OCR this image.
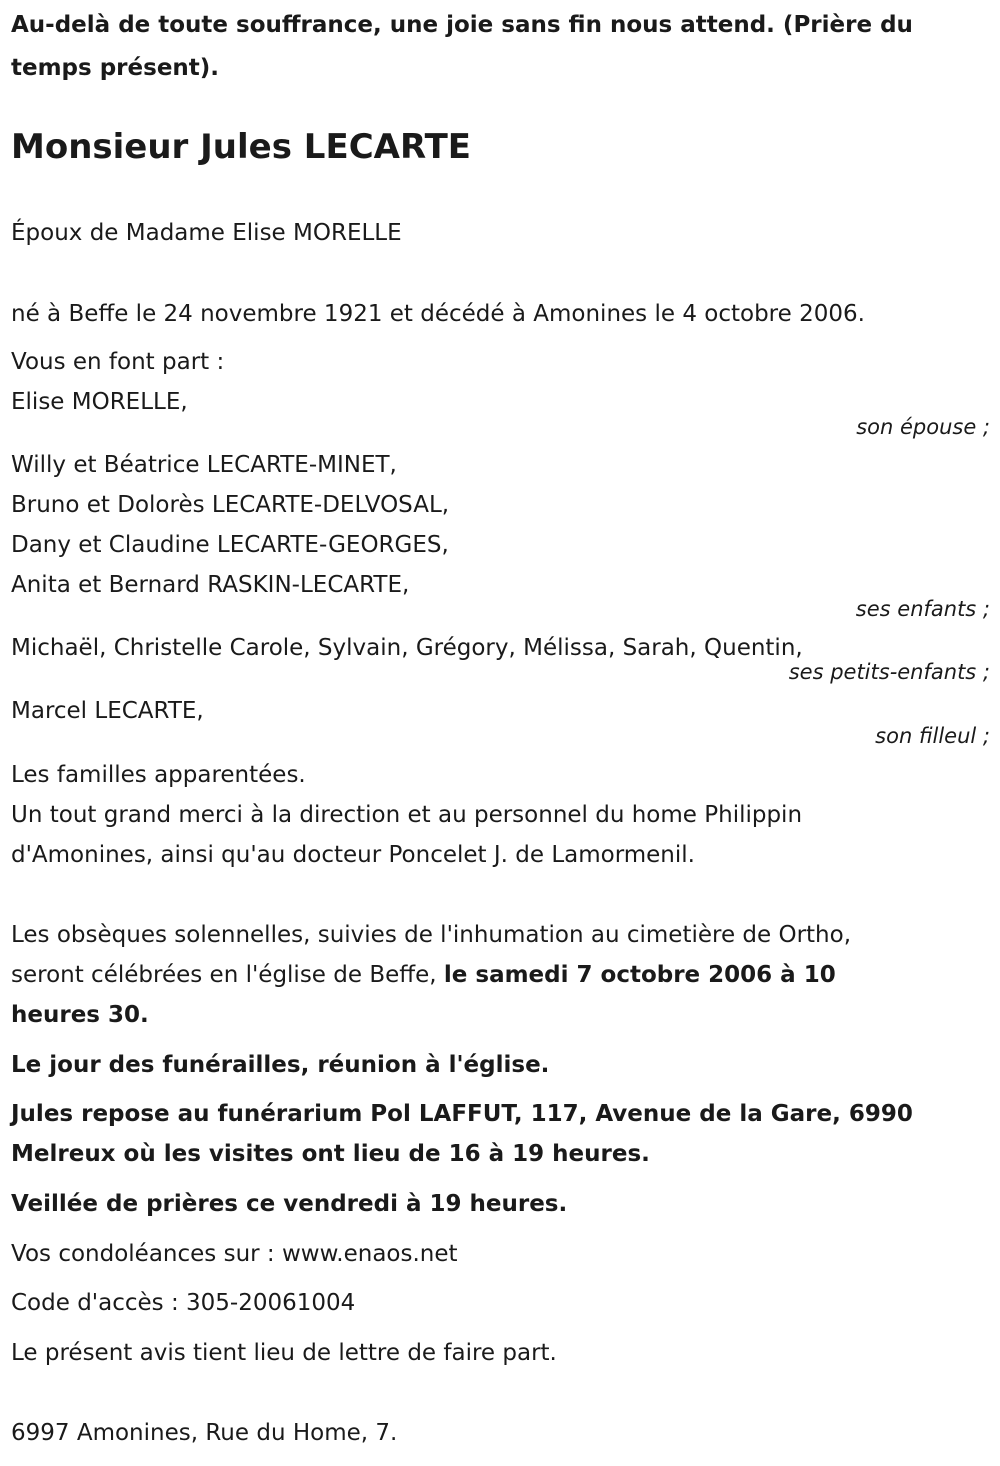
Au-delà de toute souffrance, une joie sans fin nous attend. (Prière du
temps présent).
Monsieur Jules LECARTE
Époux de Madame Elise MORELLE
né à Beffe le 24 novembre 1921 et décédé à Amonines le 4 octobre 2006.
Vous en font part :
Elise MORELLE,
son épouse ;
Willy et Béatrice LECARTE-MINET,
Bruno et Dolorès LECARTE-DELVOSAL,
Dany et Claudine LECARTE-GEORGES,
Anita et Bernard RASKIN-LECARTE,
ses enfants ;
Michaël, Christelle Carole, Sylvain, Grégory, Mélissa, Sarah, Quentin,
ses petits-enfants ;
Marcel LECARTE,
son filleul ;
Les familles apparentées.
Un tout grand merci à la direction et au personnel du home Philippin
d'Amonines, ainsi qu'au docteur Poncelet J. de Lamormenil.
Les obsèques solennelles, suivies de l'inhumation au cimetière de Ortho,
seront célébrées en l'église de Beffe, le samedi 7 octobre 2006 à 10
heures 30.
Le jour des funérailles, réunion à l'église.
Jules repose au funérarium Pol LAFFUT, 117, Avenue de la Gare, 6990
Melreux où les visites ont lieu de 16 à 19 heures.
Veillée de prières ce vendredi à 19 heures.
Vos condoléances sur : www.enaos.net
Code d'accès : 305-20061004
Le présent avis tient lieu de lettre de faire part.
6997 Amonines, Rue du Home, 7.
